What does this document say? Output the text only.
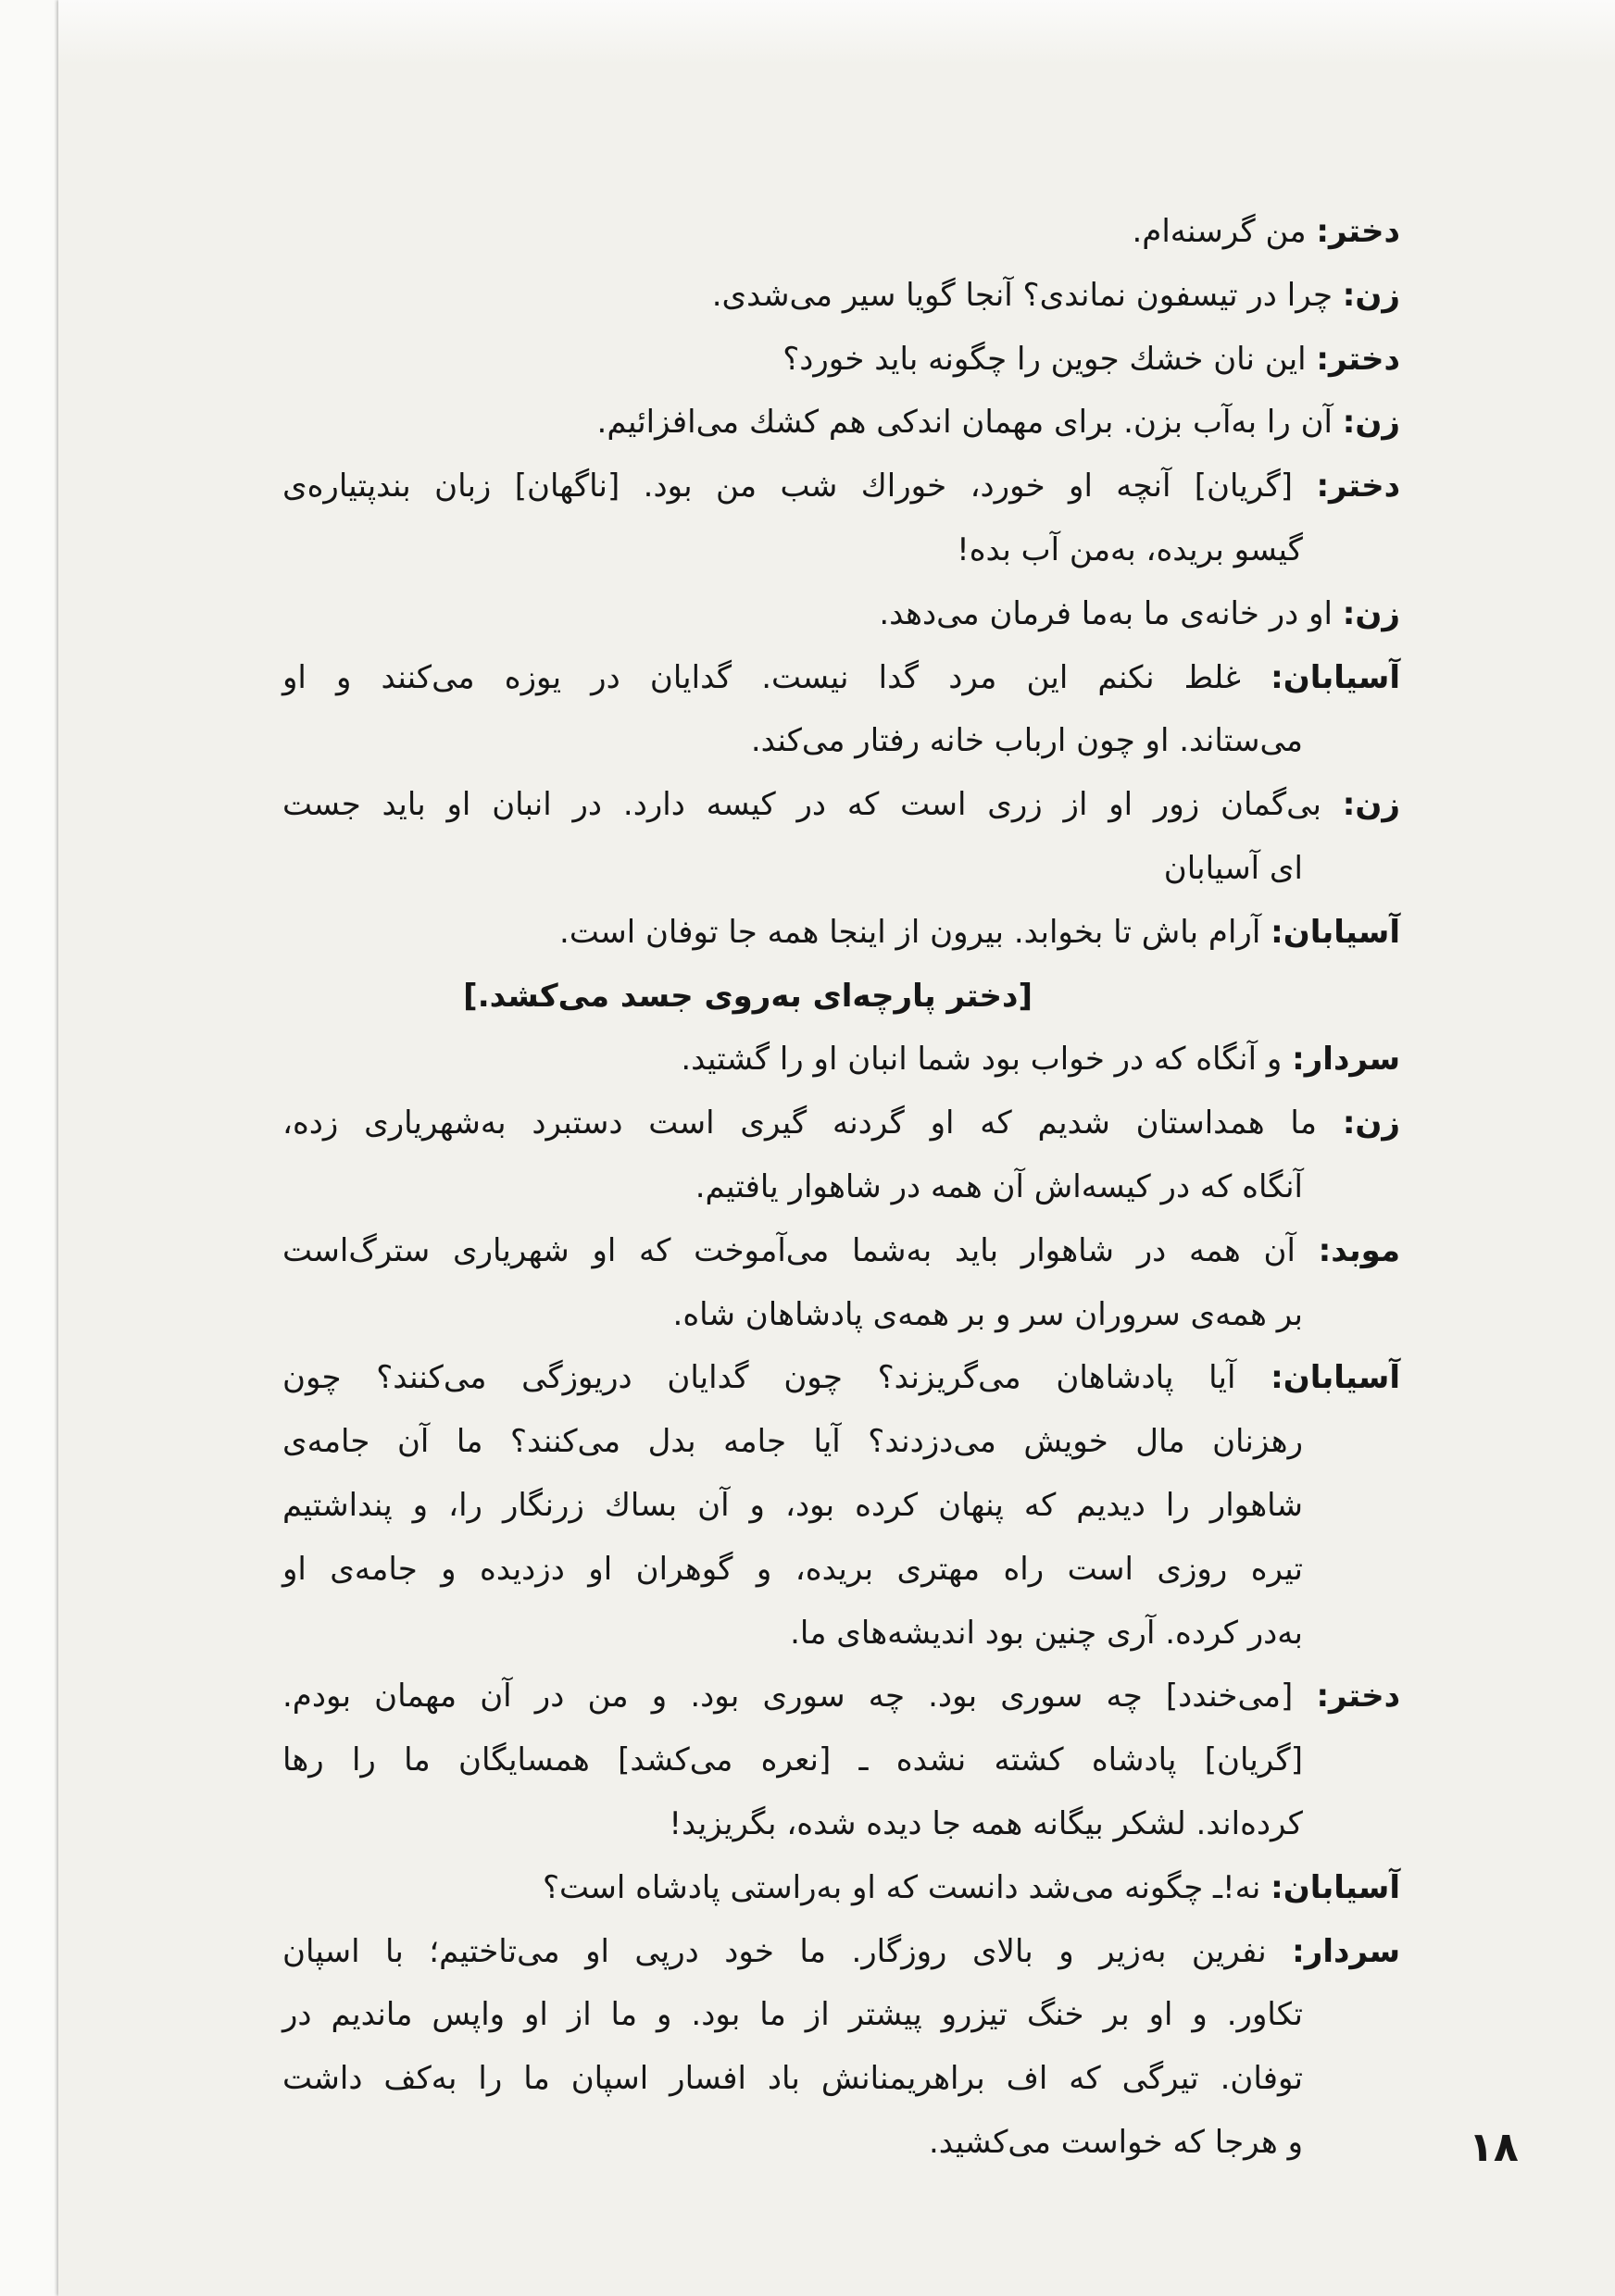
دختر: من گرسنه‌ام.
زن: چرا در تیسفون نماندی؟ آنجا گویا سیر می‌شدی.
دختر: این نان خشك جوین را چگونه باید خورد؟
زن: آن را به‌آب بزن. برای مهمان اندکی هم کشك می‌افزائیم.
دختر: [گریان] آنچه او خورد، خوراك شب من بود. [ناگهان] زبان بندپتیاره‌ی
گیسو بریده، به‌من آب بده!
زن: او در خانه‌ی ما به‌ما فرمان می‌دهد.
آسیابان: غلط نکنم این مرد گدا نیست. گدایان در یوزه می‌کنند و او
می‌ستاند. او چون ارباب خانه رفتار می‌کند.
زن: بی‌گمان زور او از زری است که در کیسه دارد. در انبان او باید جست
ای آسیابان
آسیابان: آرام باش تا بخوابد. بیرون از اینجا همه جا توفان است.
[دختر پارچه‌ای به‌روی جسد می‌کشد.]
سردار: و آنگاه که در خواب بود شما انبان او را گشتید.
زن: ما همداستان شدیم که او گردنه گیری است دستبرد به‌شهریاری زده،
آنگاه که در کیسه‌اش آن همه در شاهوار یافتیم.
موبد: آن همه در شاهوار باید به‌شما می‌آموخت که او شهریاری سترگ‌است
بر همه‌ی سروران سر و بر همه‌ی پادشاهان شاه.
آسیابان: آیا پادشاهان می‌گریزند؟ چون گدایان دریوزگی می‌کنند؟ چون
رهزنان مال خویش می‌دزدند؟ آیا جامه بدل می‌کنند؟ ما آن جامه‌ی
شاهوار را دیدیم که پنهان کرده بود، و آن بساك زرنگار را، و پنداشتیم
تیره روزی است راه مهتری بریده، و گوهران او دزدیده و جامه‌ی او
به‌در کرده. آری چنین بود اندیشه‌های ما.
دختر: [می‌خندد] چه سوری بود. چه سوری بود. و من در آن مهمان بودم.
[گریان] پادشاه کشته نشده ـ [نعره می‌کشد] همسایگان ما را رها
کرده‌اند. لشکر بیگانه همه جا دیده شده، بگریزید!
آسیابان: نه!ـ چگونه می‌شد دانست که او به‌راستی پادشاه است؟
سردار: نفرین به‌زیر و بالای روزگار. ما خود درپی او می‌تاختیم؛ با اسپان
تکاور. و او بر خنگ تیزرو پیشتر از ما بود. و ما از او واپس ماندیم در
توفان. تیرگی که اف براهریمنانش باد افسار اسپان ما را به‌کف داشت
و هرجا که خواست می‌کشید.	۱۸
